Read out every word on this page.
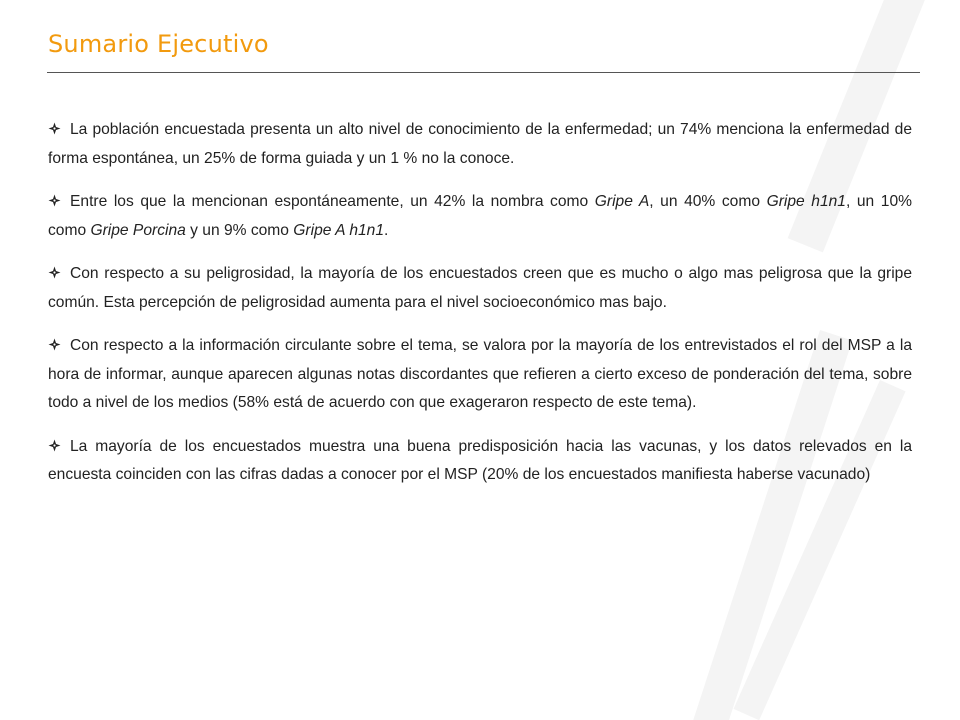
Sumario Ejecutivo

La población encuestada presenta un alto nivel de conocimiento de la enfermedad; un 74% menciona la enfermedad de forma espontánea, un 25% de forma guiada y un 1 % no la conoce.

Entre los que la mencionan espontáneamente, un 42% la nombra como Gripe A, un 40% como Gripe h1n1, un 10% como Gripe Porcina y un 9% como Gripe A h1n1.

Con respecto a su peligrosidad, la mayoría de los encuestados creen que es mucho o algo mas peligrosa que la gripe común. Esta percepción de peligrosidad aumenta para el nivel socioeconómico mas bajo.

Con respecto a la información circulante sobre el tema, se valora por la mayoría de los entrevistados el rol del MSP a la hora de informar, aunque aparecen algunas notas discordantes que refieren a cierto exceso de ponderación del tema, sobre todo a nivel de los medios (58% está de acuerdo con que exageraron respecto de este tema).

La mayoría de los encuestados muestra una buena predisposición hacia las vacunas, y los datos relevados en la encuesta coinciden con las cifras dadas a conocer por el MSP (20% de los encuestados manifiesta haberse vacunado)
